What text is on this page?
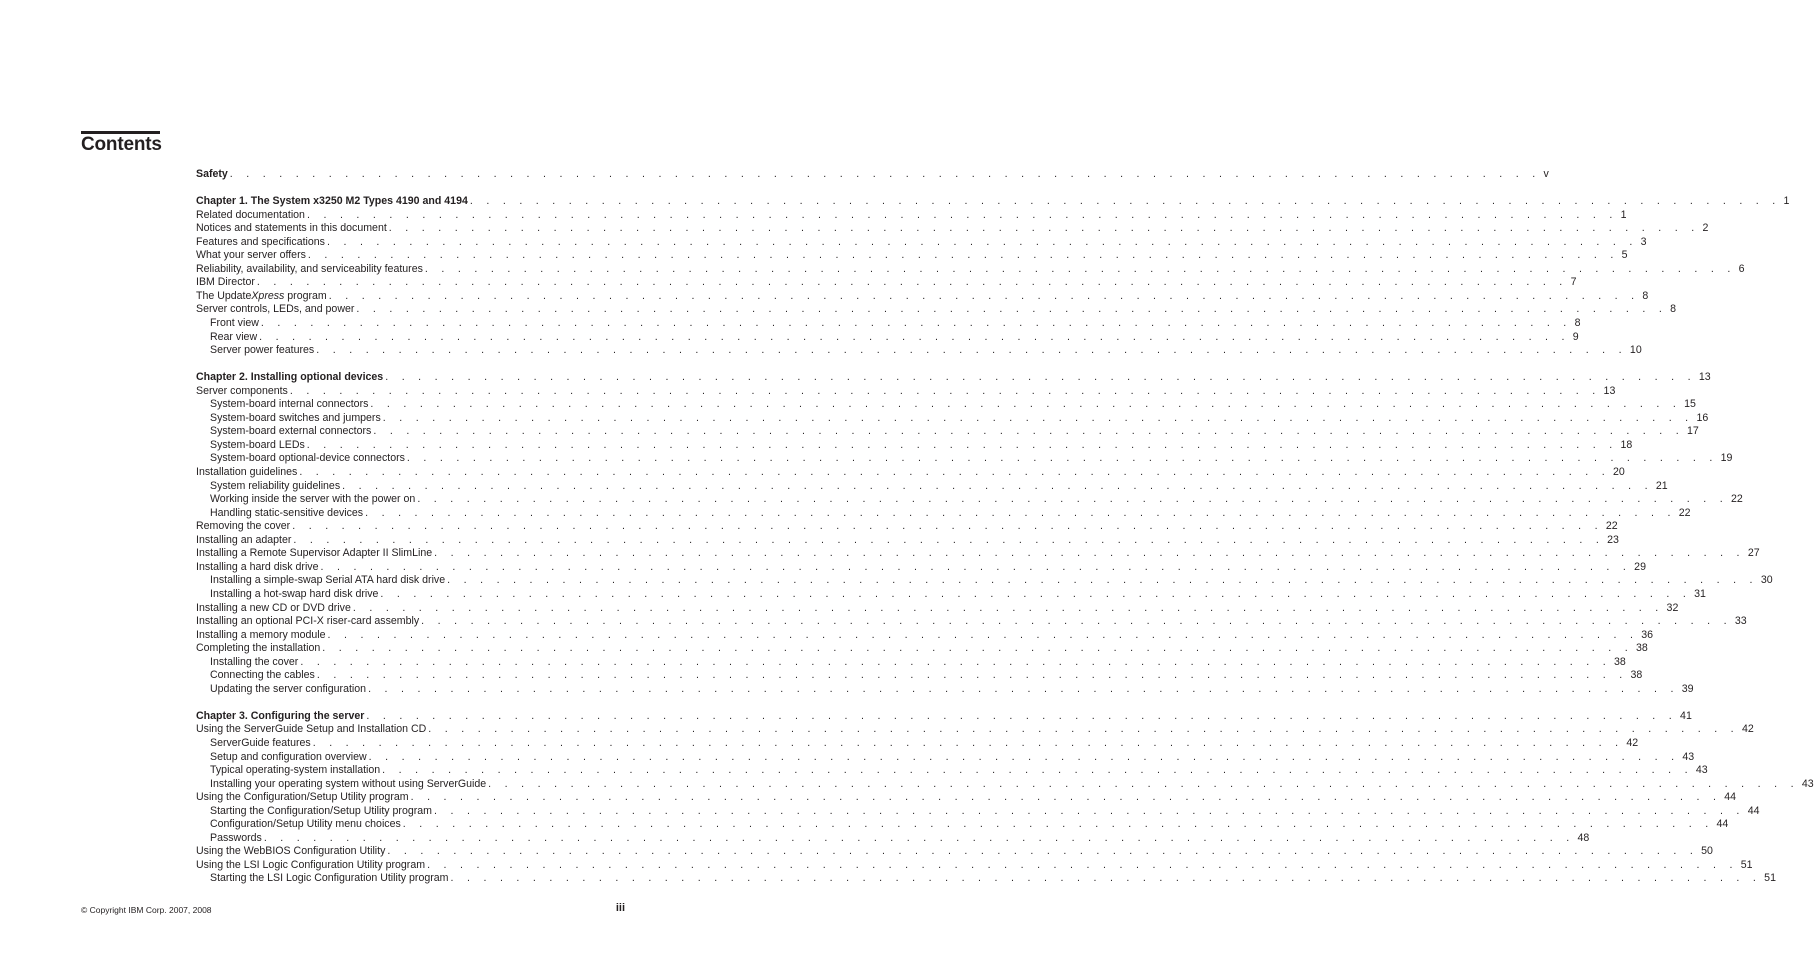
Contents
Safety . . . . . . . . . . . . . . . . . . . . . . . . . . . . . . . . . . . . . . . . . . . . . . . . . . . . . . . . . . . . . . . . . . . . . . . . . . . . . . . . v
Chapter 1. The System x3250 M2 Types 4190 and 4194 . . . . . . . . . . . . . . . . . . . . . . . . . . . . . . . . . . . . . . . . . . . . . . . . . . . . . . . . . . . . . . . . . . . . . . . . . . . . . . . . 1
Related documentation . . . . . . . . . . . . . . . . . . . . . . . . . . . . . . . . . . . . . . . . . . . . . . . . . . . . . . . . . . . . . . . . . . . . . . . . . . . . . . . . 1
Notices and statements in this document . . . . . . . . . . . . . . . . . . . . . . . . . . . . . . . . . . . . . . . . . . . . . . . . . . . . . . . . . . . . . . . . . . . . . . . . . . . . . . . . 2
Features and specifications . . . . . . . . . . . . . . . . . . . . . . . . . . . . . . . . . . . . . . . . . . . . . . . . . . . . . . . . . . . . . . . . . . . . . . . . . . . . . . . . 3
What your server offers . . . . . . . . . . . . . . . . . . . . . . . . . . . . . . . . . . . . . . . . . . . . . . . . . . . . . . . . . . . . . . . . . . . . . . . . . . . . . . . . 5
Reliability, availability, and serviceability features . . . . . . . . . . . . . . . . . . . . . . . . . . . . . . . . . . . . . . . . . . . . . . . . . . . . . . . . . . . . . . . . . . . . . . . . . . . . . . . . 6
IBM Director . . . . . . . . . . . . . . . . . . . . . . . . . . . . . . . . . . . . . . . . . . . . . . . . . . . . . . . . . . . . . . . . . . . . . . . . . . . . . . . . 7
The UpdateXpress program . . . . . . . . . . . . . . . . . . . . . . . . . . . . . . . . . . . . . . . . . . . . . . . . . . . . . . . . . . . . . . . . . . . . . . . . . . . . . . . . 8
Server controls, LEDs, and power . . . . . . . . . . . . . . . . . . . . . . . . . . . . . . . . . . . . . . . . . . . . . . . . . . . . . . . . . . . . . . . . . . . . . . . . . . . . . . . . 8
Front view . . . . . . . . . . . . . . . . . . . . . . . . . . . . . . . . . . . . . . . . . . . . . . . . . . . . . . . . . . . . . . . . . . . . . . . . . . . . . . . . 8
Rear view . . . . . . . . . . . . . . . . . . . . . . . . . . . . . . . . . . . . . . . . . . . . . . . . . . . . . . . . . . . . . . . . . . . . . . . . . . . . . . . . 9
Server power features . . . . . . . . . . . . . . . . . . . . . . . . . . . . . . . . . . . . . . . . . . . . . . . . . . . . . . . . . . . . . . . . . . . . . . . . . . . . . . . . 10
Chapter 2. Installing optional devices . . . . . . . . . . . . . . . . . . . . . . . . . . . . . . . . . . . . . . . . . . . . . . . . . . . . . . . . . . . . . . . . . . . . . . . . . . . . . . . . 13
Server components . . . . . . . . . . . . . . . . . . . . . . . . . . . . . . . . . . . . . . . . . . . . . . . . . . . . . . . . . . . . . . . . . . . . . . . . . . . . . . . . 13
System-board internal connectors . . . . . . . . . . . . . . . . . . . . . . . . . . . . . . . . . . . . . . . . . . . . . . . . . . . . . . . . . . . . . . . . . . . . . . . . . . . . . . . . 15
System-board switches and jumpers . . . . . . . . . . . . . . . . . . . . . . . . . . . . . . . . . . . . . . . . . . . . . . . . . . . . . . . . . . . . . . . . . . . . . . . . . . . . . . . . 16
System-board external connectors . . . . . . . . . . . . . . . . . . . . . . . . . . . . . . . . . . . . . . . . . . . . . . . . . . . . . . . . . . . . . . . . . . . . . . . . . . . . . . . . 17
System-board LEDs . . . . . . . . . . . . . . . . . . . . . . . . . . . . . . . . . . . . . . . . . . . . . . . . . . . . . . . . . . . . . . . . . . . . . . . . . . . . . . . . 18
System-board optional-device connectors . . . . . . . . . . . . . . . . . . . . . . . . . . . . . . . . . . . . . . . . . . . . . . . . . . . . . . . . . . . . . . . . . . . . . . . . . . . . . . . . 19
Installation guidelines . . . . . . . . . . . . . . . . . . . . . . . . . . . . . . . . . . . . . . . . . . . . . . . . . . . . . . . . . . . . . . . . . . . . . . . . . . . . . . . . 20
System reliability guidelines . . . . . . . . . . . . . . . . . . . . . . . . . . . . . . . . . . . . . . . . . . . . . . . . . . . . . . . . . . . . . . . . . . . . . . . . . . . . . . . . 21
Working inside the server with the power on . . . . . . . . . . . . . . . . . . . . . . . . . . . . . . . . . . . . . . . . . . . . . . . . . . . . . . . . . . . . . . . . . . . . . . . . . . . . . . . . 22
Handling static-sensitive devices . . . . . . . . . . . . . . . . . . . . . . . . . . . . . . . . . . . . . . . . . . . . . . . . . . . . . . . . . . . . . . . . . . . . . . . . . . . . . . . . 22
Removing the cover . . . . . . . . . . . . . . . . . . . . . . . . . . . . . . . . . . . . . . . . . . . . . . . . . . . . . . . . . . . . . . . . . . . . . . . . . . . . . . . . 22
Installing an adapter . . . . . . . . . . . . . . . . . . . . . . . . . . . . . . . . . . . . . . . . . . . . . . . . . . . . . . . . . . . . . . . . . . . . . . . . . . . . . . . . 23
Installing a Remote Supervisor Adapter II SlimLine . . . . . . . . . . . . . . . . . . . . . . . . . . . . . . . . . . . . . . . . . . . . . . . . . . . . . . . . . . . . . . . . . . . . . . . . . . . . . . . . 27
Installing a hard disk drive . . . . . . . . . . . . . . . . . . . . . . . . . . . . . . . . . . . . . . . . . . . . . . . . . . . . . . . . . . . . . . . . . . . . . . . . . . . . . . . . 29
Installing a simple-swap Serial ATA hard disk drive . . . . . . . . . . . . . . . . . . . . . . . . . . . . . . . . . . . . . . . . . . . . . . . . . . . . . . . . . . . . . . . . . . . . . . . . . . . . . . . . 30
Installing a hot-swap hard disk drive . . . . . . . . . . . . . . . . . . . . . . . . . . . . . . . . . . . . . . . . . . . . . . . . . . . . . . . . . . . . . . . . . . . . . . . . . . . . . . . . 31
Installing a new CD or DVD drive . . . . . . . . . . . . . . . . . . . . . . . . . . . . . . . . . . . . . . . . . . . . . . . . . . . . . . . . . . . . . . . . . . . . . . . . . . . . . . . . 32
Installing an optional PCI-X riser-card assembly . . . . . . . . . . . . . . . . . . . . . . . . . . . . . . . . . . . . . . . . . . . . . . . . . . . . . . . . . . . . . . . . . . . . . . . . . . . . . . . . 33
Installing a memory module . . . . . . . . . . . . . . . . . . . . . . . . . . . . . . . . . . . . . . . . . . . . . . . . . . . . . . . . . . . . . . . . . . . . . . . . . . . . . . . . 36
Completing the installation . . . . . . . . . . . . . . . . . . . . . . . . . . . . . . . . . . . . . . . . . . . . . . . . . . . . . . . . . . . . . . . . . . . . . . . . . . . . . . . . 38
Installing the cover . . . . . . . . . . . . . . . . . . . . . . . . . . . . . . . . . . . . . . . . . . . . . . . . . . . . . . . . . . . . . . . . . . . . . . . . . . . . . . . . 38
Connecting the cables . . . . . . . . . . . . . . . . . . . . . . . . . . . . . . . . . . . . . . . . . . . . . . . . . . . . . . . . . . . . . . . . . . . . . . . . . . . . . . . . 38
Updating the server configuration . . . . . . . . . . . . . . . . . . . . . . . . . . . . . . . . . . . . . . . . . . . . . . . . . . . . . . . . . . . . . . . . . . . . . . . . . . . . . . . . 39
Chapter 3. Configuring the server . . . . . . . . . . . . . . . . . . . . . . . . . . . . . . . . . . . . . . . . . . . . . . . . . . . . . . . . . . . . . . . . . . . . . . . . . . . . . . . . 41
Using the ServerGuide Setup and Installation CD . . . . . . . . . . . . . . . . . . . . . . . . . . . . . . . . . . . . . . . . . . . . . . . . . . . . . . . . . . . . . . . . . . . . . . . . . . . . . . . . 42
ServerGuide features . . . . . . . . . . . . . . . . . . . . . . . . . . . . . . . . . . . . . . . . . . . . . . . . . . . . . . . . . . . . . . . . . . . . . . . . . . . . . . . . 42
Setup and configuration overview . . . . . . . . . . . . . . . . . . . . . . . . . . . . . . . . . . . . . . . . . . . . . . . . . . . . . . . . . . . . . . . . . . . . . . . . . . . . . . . . 43
Typical operating-system installation . . . . . . . . . . . . . . . . . . . . . . . . . . . . . . . . . . . . . . . . . . . . . . . . . . . . . . . . . . . . . . . . . . . . . . . . . . . . . . . . 43
Installing your operating system without using ServerGuide . . . . . . . . . . . . . . . . . . . . . . . . . . . . . . . . . . . . . . . . . . . . . . . . . . . . . . . . . . . . . . . . . . . . . . . . . . . . . . . . 43
Using the Configuration/Setup Utility program . . . . . . . . . . . . . . . . . . . . . . . . . . . . . . . . . . . . . . . . . . . . . . . . . . . . . . . . . . . . . . . . . . . . . . . . . . . . . . . . 44
Starting the Configuration/Setup Utility program . . . . . . . . . . . . . . . . . . . . . . . . . . . . . . . . . . . . . . . . . . . . . . . . . . . . . . . . . . . . . . . . . . . . . . . . . . . . . . . . 44
Configuration/Setup Utility menu choices . . . . . . . . . . . . . . . . . . . . . . . . . . . . . . . . . . . . . . . . . . . . . . . . . . . . . . . . . . . . . . . . . . . . . . . . . . . . . . . . 44
Passwords . . . . . . . . . . . . . . . . . . . . . . . . . . . . . . . . . . . . . . . . . . . . . . . . . . . . . . . . . . . . . . . . . . . . . . . . . . . . . . . . 48
Using the WebBIOS Configuration Utility . . . . . . . . . . . . . . . . . . . . . . . . . . . . . . . . . . . . . . . . . . . . . . . . . . . . . . . . . . . . . . . . . . . . . . . . . . . . . . . . 50
Using the LSI Logic Configuration Utility program . . . . . . . . . . . . . . . . . . . . . . . . . . . . . . . . . . . . . . . . . . . . . . . . . . . . . . . . . . . . . . . . . . . . . . . . . . . . . . . . 51
Starting the LSI Logic Configuration Utility program . . . . . . . . . . . . . . . . . . . . . . . . . . . . . . . . . . . . . . . . . . . . . . . . . . . . . . . . . . . . . . . . . . . . . . . . . . . . . . . . 51
© Copyright IBM Corp. 2007, 2008	iii
